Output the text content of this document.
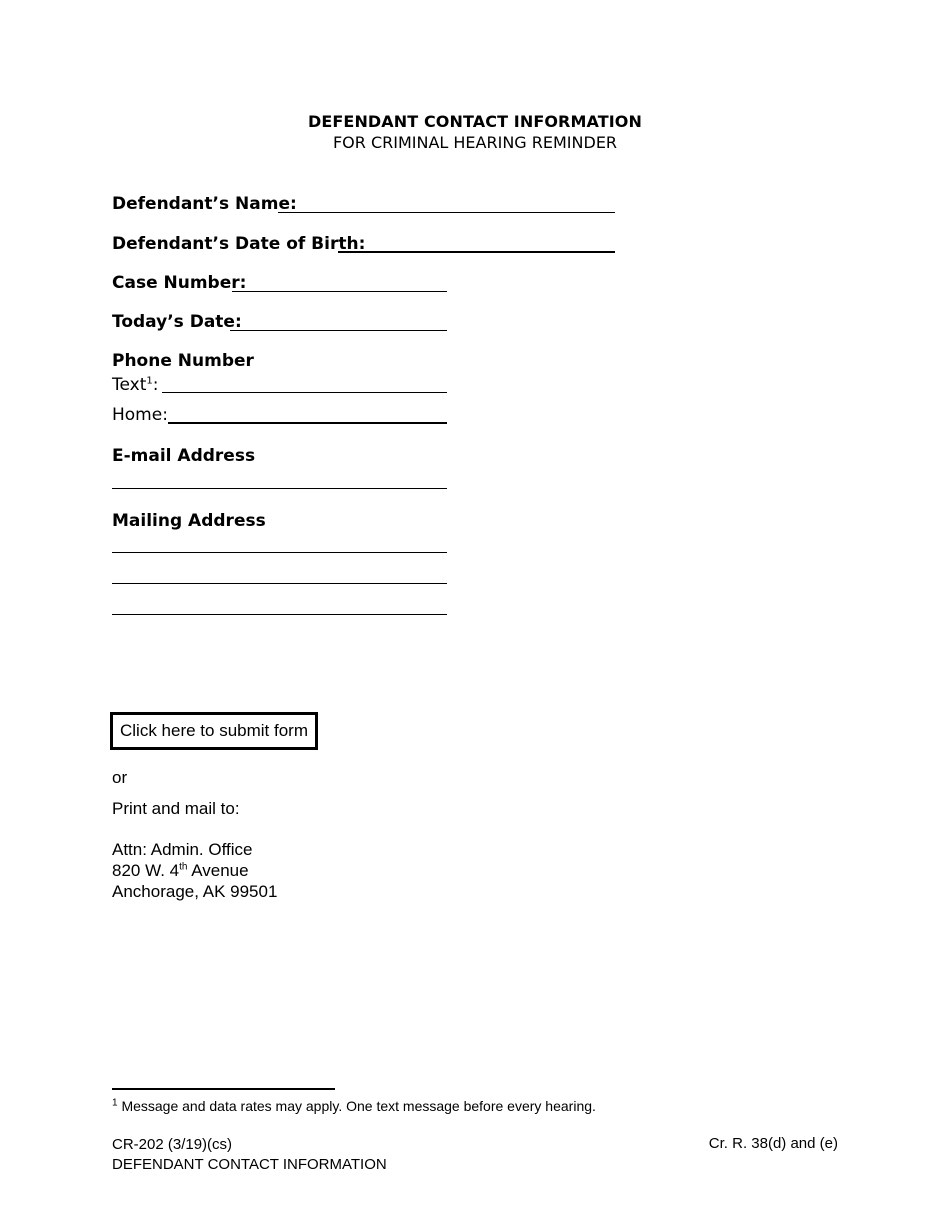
DEFENDANT CONTACT INFORMATION
FOR CRIMINAL HEARING REMINDER
Defendant’s Name:
Defendant’s Date of Birth:
Case Number:
Today’s Date:
Phone Number
Text$^1$:
Home:
E-mail Address
Mailing Address
Click here to submit form
or
Print and mail to:
Attn: Admin. Office
820 W. 4th Avenue
Anchorage, AK 99501
$^1$ Message and data rates may apply. One text message before every hearing.
CR-202 (3/19)(cs)
DEFENDANT CONTACT INFORMATION
Cr. R. 38(d) and (e)
